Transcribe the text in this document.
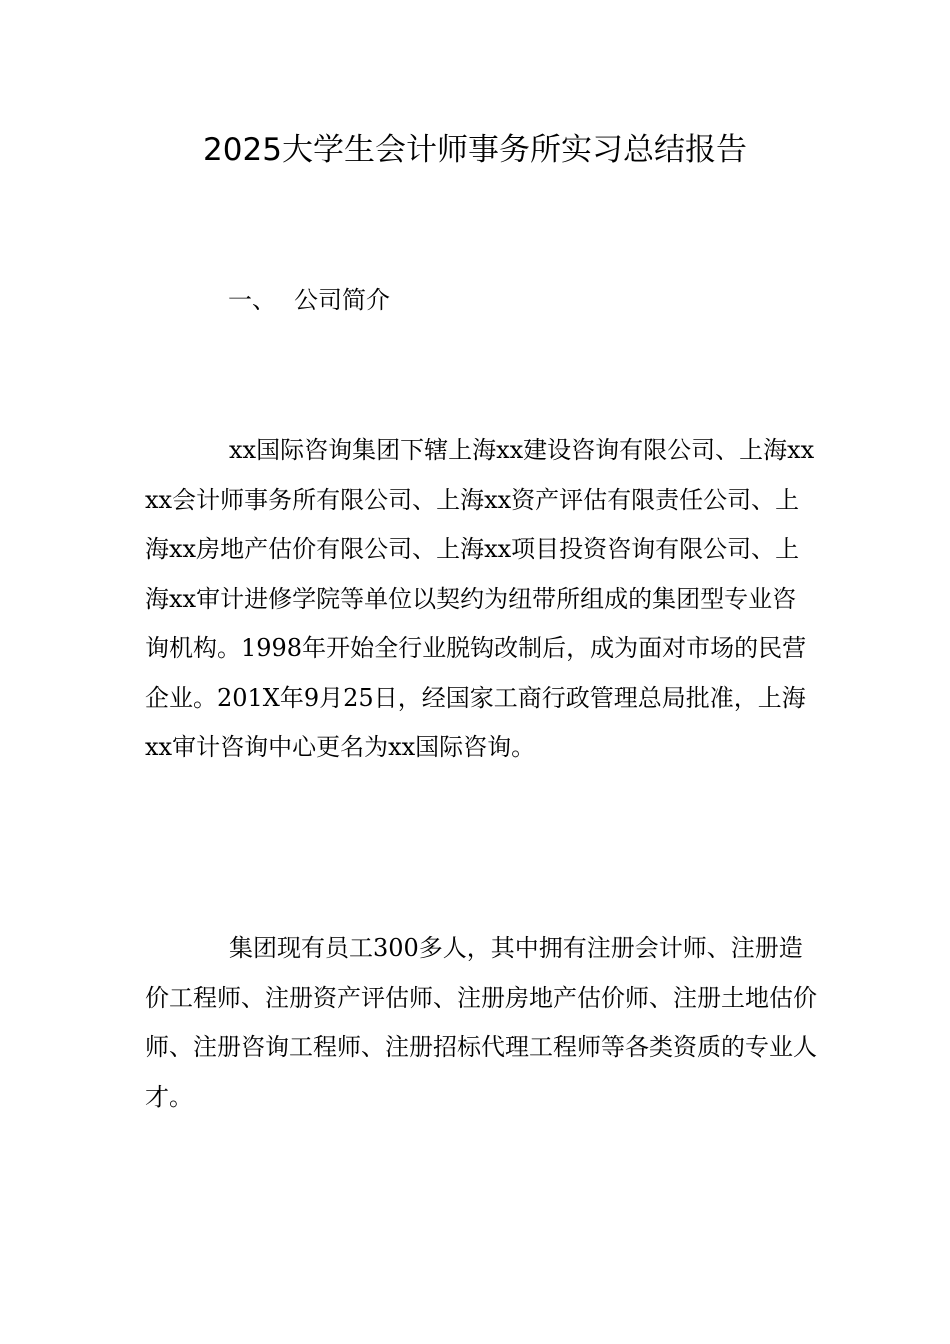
2025大学生会计师事务所实习总结报告
一、 公司简介

xx国际咨询集团下辖上海xx建设咨询有限公司、上海xxxx会计师事务所有限公司、上海xx资产评估有限责任公司、上海xx房地产估价有限公司、上海xx项目投资咨询有限公司、上海xx审计进修学院等单位以契约为纽带所组成的集团型专业咨询机构。1998年开始全行业脱钩改制后，成为面对市场的民营企业。201X年9月25日，经国家工商行政管理总局批准，上海xx审计咨询中心更名为xx国际咨询。

集团现有员工300多人，其中拥有注册会计师、注册造价工程师、注册资产评估师、注册房地产估价师、注册土地估价师、注册咨询工程师、注册招标代理工程师等各类资质的专业人才。
